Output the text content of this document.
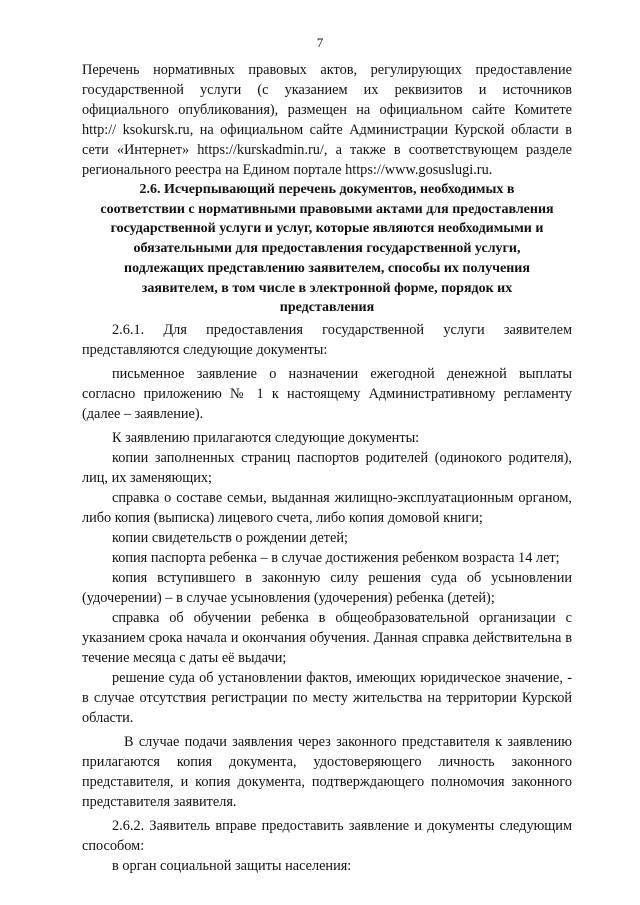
7

Перечень нормативных правовых актов, регулирующих предоставление государственной услуги (с указанием их реквизитов и источников официального опубликования), размещен на официальном сайте Комитете http:// ksokursk.ru, на официальном сайте Администрации Курской области в сети «Интернет» https://kurskadmin.ru/, а также в соответствующем разделе регионального реестра на Едином портале https://www.gosuslugi.ru.

2.6. Исчерпывающий перечень документов, необходимых в соответствии с нормативными правовыми актами для предоставления государственной услуги и услуг, которые являются необходимыми и обязательными для предоставления государственной услуги, подлежащих представлению заявителем, способы их получения заявителем, в том числе в электронной форме, порядок их представления

2.6.1. Для предоставления государственной услуги заявителем представляются следующие документы:

письменное заявление о назначении ежегодной денежной выплаты согласно приложению № 1 к настоящему Административному регламенту (далее – заявление).

К заявлению прилагаются следующие документы:

копии заполненных страниц паспортов родителей (одинокого родителя), лиц, их заменяющих;

справка о составе семьи, выданная жилищно-эксплуатационным органом, либо копия (выписка) лицевого счета, либо копия домовой книги;

копии свидетельств о рождении детей;

копия паспорта ребенка – в случае достижения ребенком возраста 14 лет;

копия вступившего в законную силу решения суда об усыновлении (удочерении) – в случае усыновления (удочерения) ребенка (детей);

справка об обучении ребенка в общеобразовательной организации с указанием срока начала и окончания обучения. Данная справка действительна в течение месяца с даты её выдачи;

решение суда об установлении фактов, имеющих юридическое значение, - в случае отсутствия регистрации по месту жительства на территории Курской области.

В случае подачи заявления через законного представителя к заявлению прилагаются копия документа, удостоверяющего личность законного представителя, и копия документа, подтверждающего полномочия законного представителя заявителя.

2.6.2. Заявитель вправе предоставить заявление и документы следующим способом:

в орган социальной защиты населения:
